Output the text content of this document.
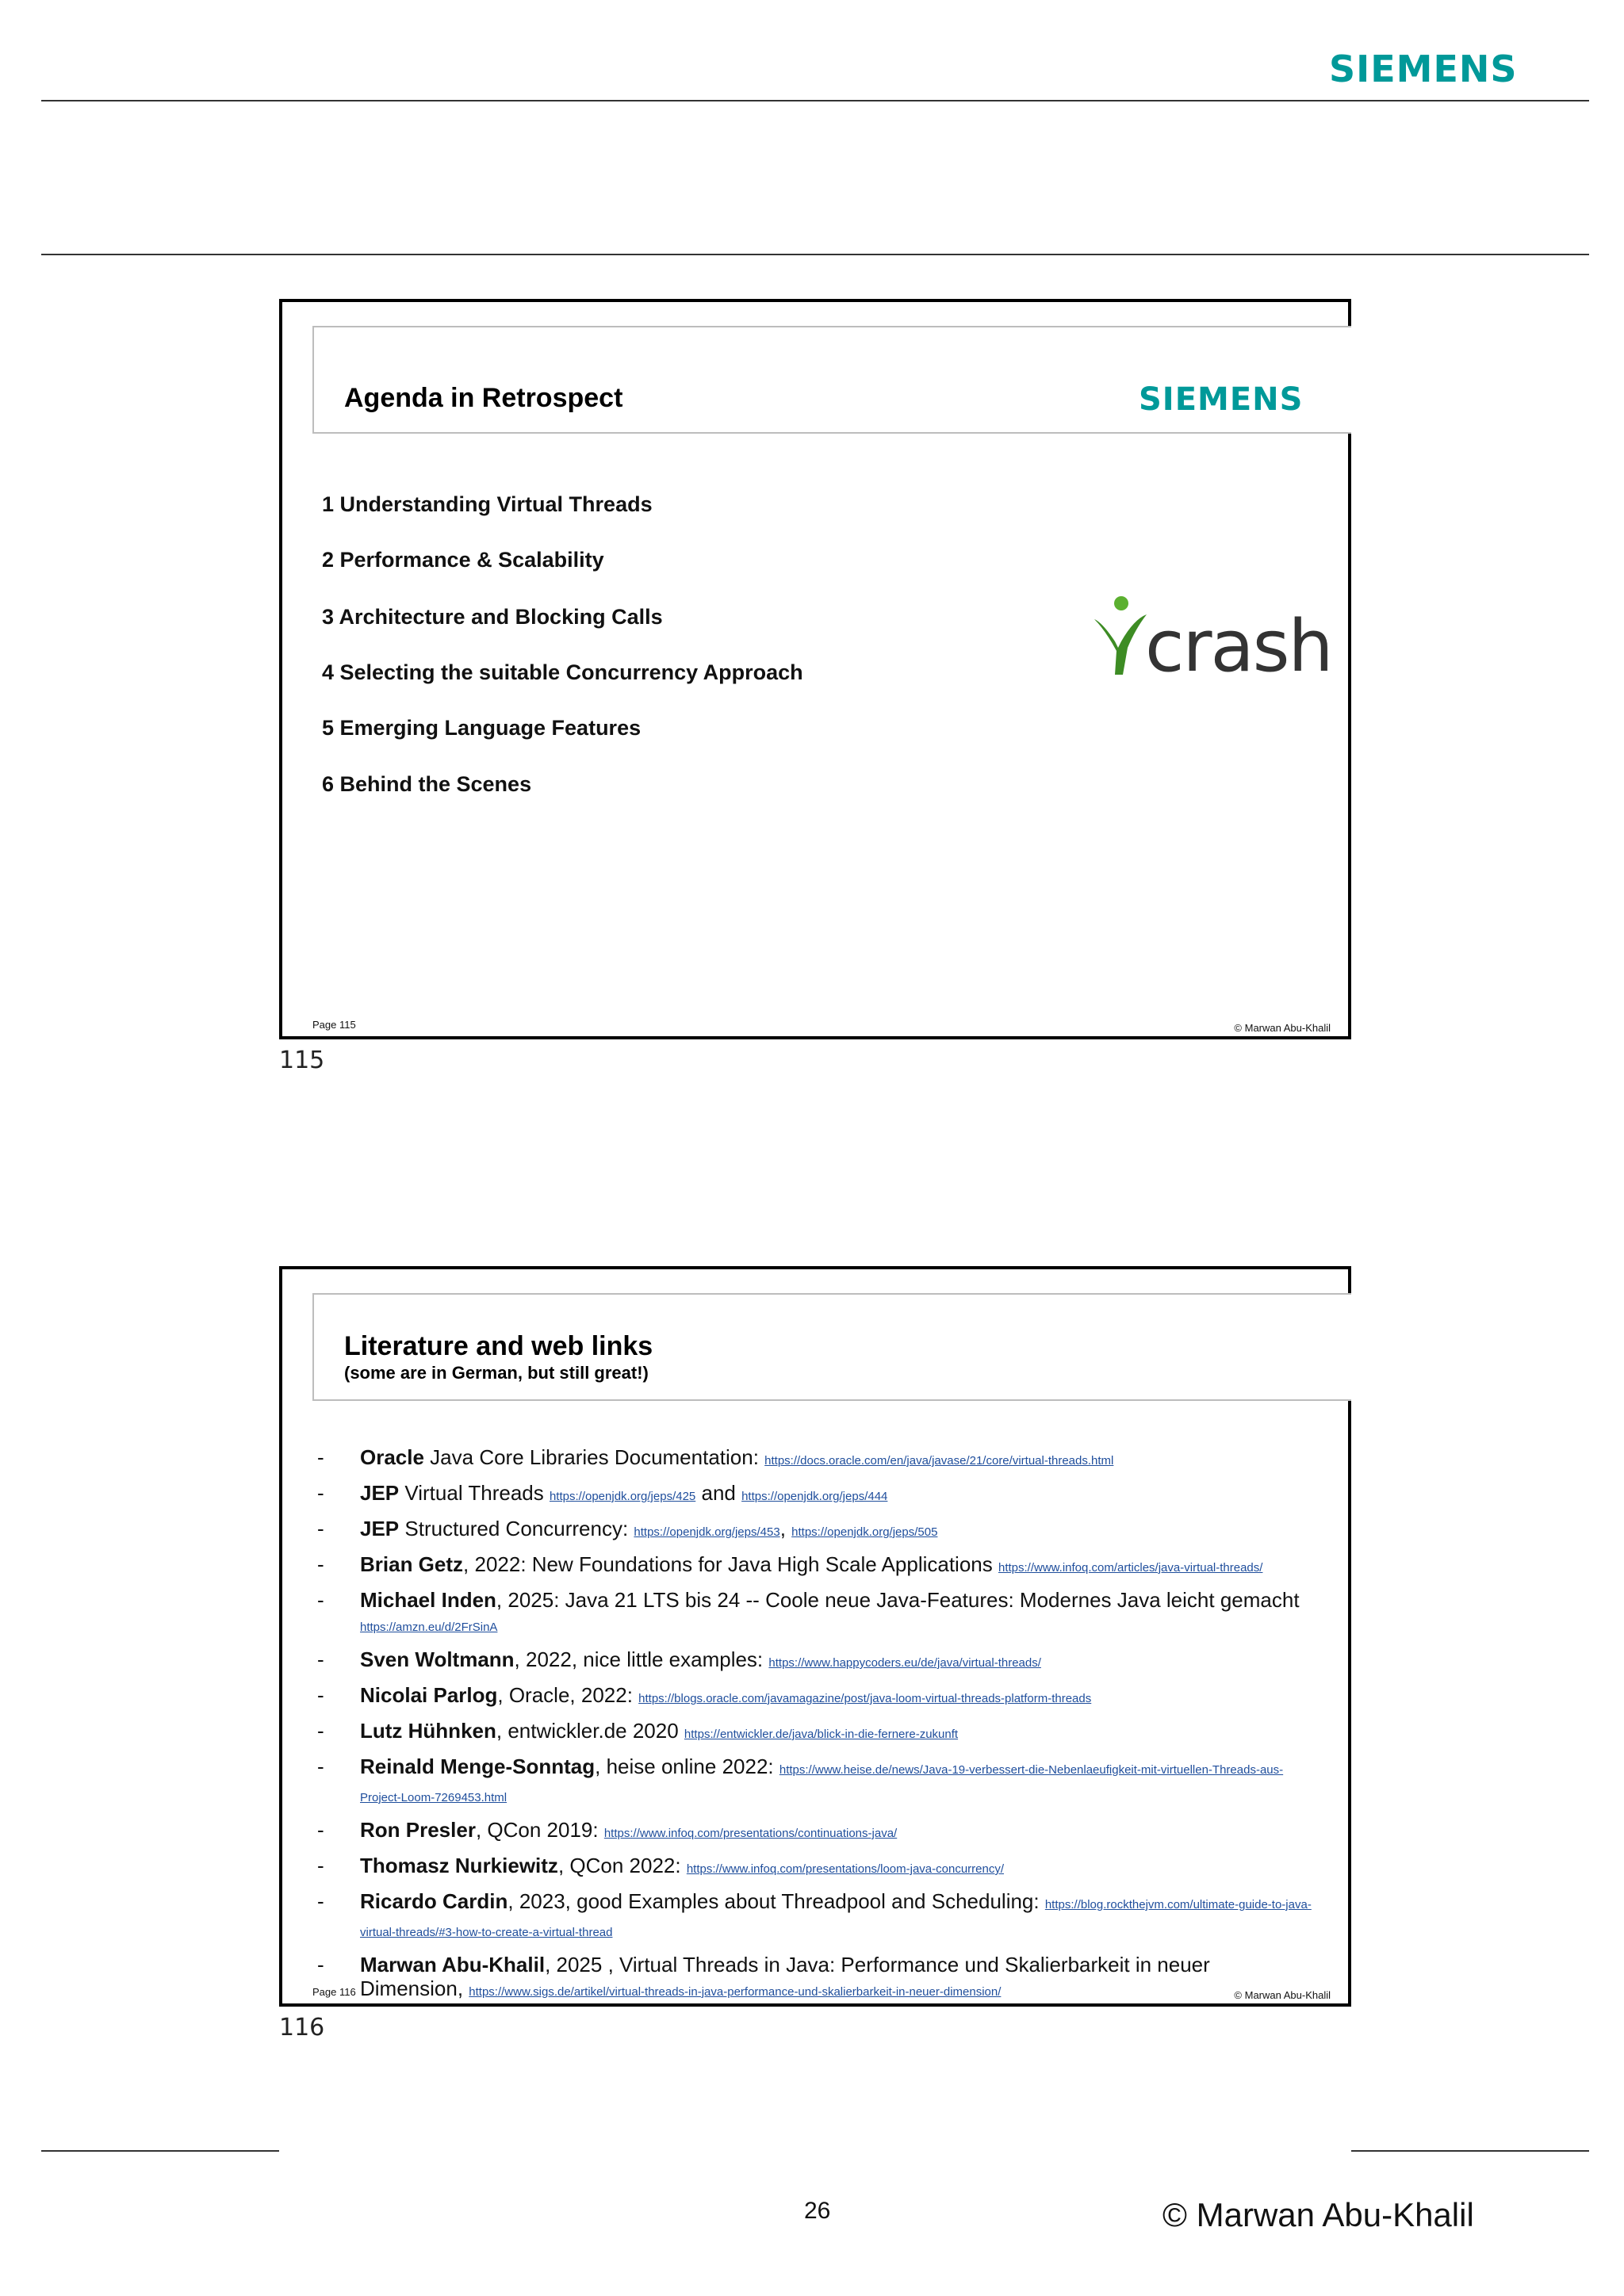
SIEMENS
Agenda in Retrospect	SIEMENS
1 Understanding Virtual Threads
2 Performance & Scalability
3 Architecture and Blocking Calls
4 Selecting the suitable Concurrency Approach
5 Emerging Language Features
6 Behind the Scenes
crash
Page 115	© Marwan Abu-Khalil
115
Literature and web links
(some are in German, but still great!)
- Oracle Java Core Libraries Documentation: https://docs.oracle.com/en/java/javase/21/core/virtual-threads.html
- JEP Virtual Threads https://openjdk.org/jeps/425 and https://openjdk.org/jeps/444
- JEP Structured Concurrency: https://openjdk.org/jeps/453, https://openjdk.org/jeps/505
- Brian Getz, 2022: New Foundations for Java High Scale Applications https://www.infoq.com/articles/java-virtual-threads/
- Michael Inden, 2025: Java 21 LTS bis 24 -- Coole neue Java-Features: Modernes Java leicht gemacht https://amzn.eu/d/2FrSinA
- Sven Woltmann, 2022, nice little examples: https://www.happycoders.eu/de/java/virtual-threads/
- Nicolai Parlog, Oracle, 2022: https://blogs.oracle.com/javamagazine/post/java-loom-virtual-threads-platform-threads
- Lutz Hühnken, entwickler.de 2020 https://entwickler.de/java/blick-in-die-fernere-zukunft
- Reinald Menge-Sonntag, heise online 2022: https://www.heise.de/news/Java-19-verbessert-die-Nebenlaeufigkeit-mit-virtuellen-Threads-aus-Project-Loom-7269453.html
- Ron Presler, QCon 2019: https://www.infoq.com/presentations/continuations-java/
- Thomasz Nurkiewitz, QCon 2022: https://www.infoq.com/presentations/loom-java-concurrency/
- Ricardo Cardin, 2023, good Examples about Threadpool and Scheduling: https://blog.rockthejvm.com/ultimate-guide-to-java-virtual-threads/#3-how-to-create-a-virtual-thread
- Marwan Abu-Khalil, 2025 , Virtual Threads in Java: Performance und Skalierbarkeit in neuer Dimension, https://www.sigs.de/artikel/virtual-threads-in-java-performance-und-skalierbarkeit-in-neuer-dimension/
Page 116	© Marwan Abu-Khalil
116
26	© Marwan Abu-Khalil
